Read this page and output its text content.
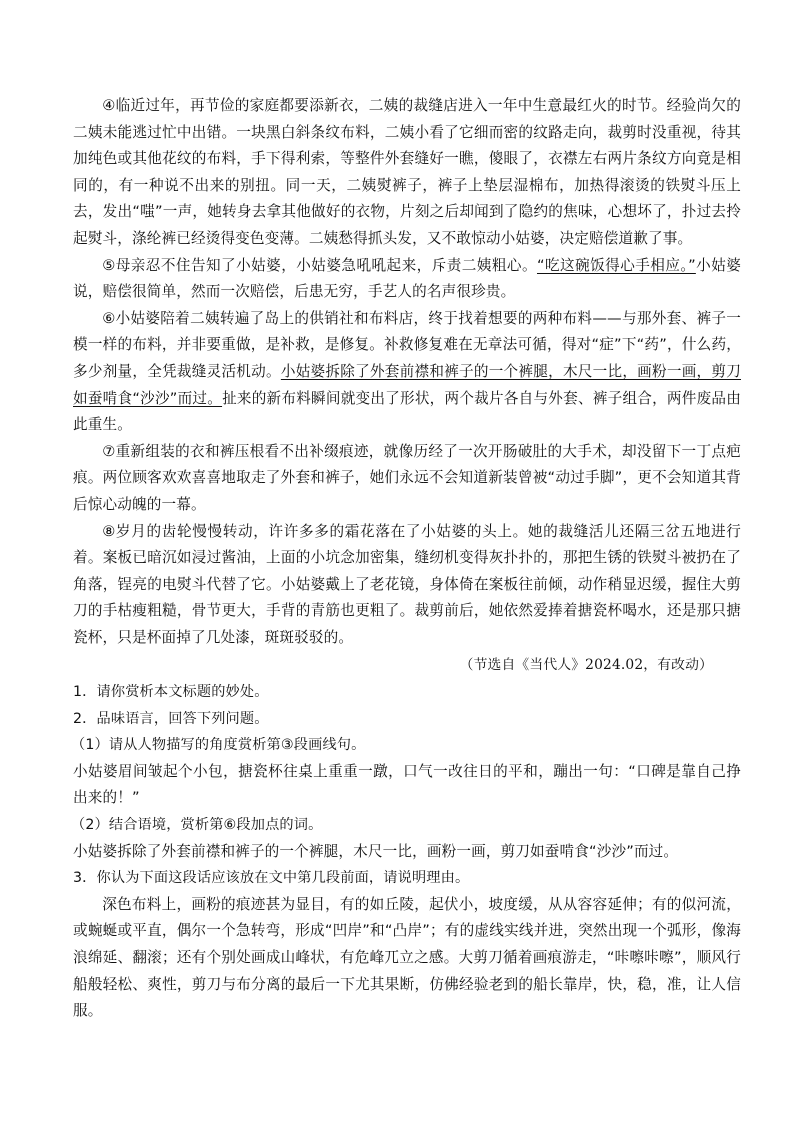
④临近过年，再节俭的家庭都要添新衣，二姨的裁缝店进入一年中生意最红火的时节。经验尚欠的二姨未能逃过忙中出错。一块黑白斜条纹布料，二姨小看了它细而密的纹路走向，裁剪时没重视，待其加纯色或其他花纹的布料，手下得利索，等整件外套缝好一瞧，傻眼了，衣襟左右两片条纹方向竟是相同的，有一种说不出来的别扭。同一天，二姨熨裤子，裤子上垫层湿棉布，加热得滚烫的铁熨斗压上去，发出“嗤”一声，她转身去拿其他做好的衣物，片刻之后却闻到了隐约的焦味，心想坏了，扑过去拎起熨斗，涤纶裤已经烫得变色变薄。二姨愁得抓头发，又不敢惊动小姑婆，决定赔偿道歉了事。

⑤母亲忍不住告知了小姑婆，小姑婆急吼吼起来，斥责二姨粗心。“吃这碗饭得心手相应。”小姑婆说，赔偿很简单，然而一次赔偿，后患无穷，手艺人的名声很珍贵。

⑥小姑婆陪着二姨转遍了岛上的供销社和布料店，终于找着想要的两种布料——与那外套、裤子一模一样的布料，并非要重做，是补救，是修复。补救修复难在无章法可循，得对“症”下“药”，什么药，多少剂量，全凭裁缝灵活机动。小姑婆拆除了外套前襟和裤子的一个裤腿，木尺一比，画粉一画，剪刀如蚕啃食“沙沙”而过。扯来的新布料瞬间就变出了形状，两个裁片各自与外套、裤子组合，两件废品由此重生。

⑦重新组装的衣和裤压根看不出补缀痕迹，就像历经了一次开肠破肚的大手术，却没留下一丁点疤痕。两位顾客欢欢喜喜地取走了外套和裤子，她们永远不会知道新装曾被“动过手脚”，更不会知道其背后惊心动魄的一幕。

⑧岁月的齿轮慢慢转动，许许多多的霜花落在了小姑婆的头上。她的裁缝活儿还隔三岔五地进行着。案板已暗沉如浸过酱油，上面的小坑念加密集，缝纫机变得灰扑扑的，那把生锈的铁熨斗被扔在了角落，锃亮的电熨斗代替了它。小姑婆戴上了老花镜，身体倚在案板往前倾，动作稍显迟缓，握住大剪刀的手枯瘦粗糙，骨节更大，手背的青筋也更粗了。裁剪前后，她依然爱捧着搪瓷杯喝水，还是那只搪瓷杯，只是杯面掉了几处漆，斑斑驳驳的。

（节选自《当代人》2024.02，有改动）

1．请你赏析本文标题的妙处。

2．品味语言，回答下列问题。

（1）请从人物描写的角度赏析第③段画线句。

小姑婆眉间皱起个小包，搪瓷杯往桌上重重一蹾，口气一改往日的平和，蹦出一句：“口碑是靠自己挣出来的！”

（2）结合语境，赏析第⑥段加点的词。

小姑婆拆除了外套前襟和裤子的一个裤腿，木尺一比，画粉一画，剪刀如蚕啃食“沙沙”而过。

3．你认为下面这段话应该放在文中第几段前面，请说明理由。

深色布料上，画粉的痕迹甚为显目，有的如丘陵，起伏小，坡度缓，从从容容延伸；有的似河流，或蜿蜒或平直，偶尔一个急转弯，形成“凹岸”和“凸岸”；有的虚线实线并进，突然出现一个弧形，像海浪绵延、翻滚；还有个别处画成山峰状，有危峰兀立之感。大剪刀循着画痕游走，“咔嚓咔嚓”，顺风行船般轻松、爽性，剪刀与布分离的最后一下尤其果断，仿佛经验老到的船长靠岸，快，稳，准，让人信服。
